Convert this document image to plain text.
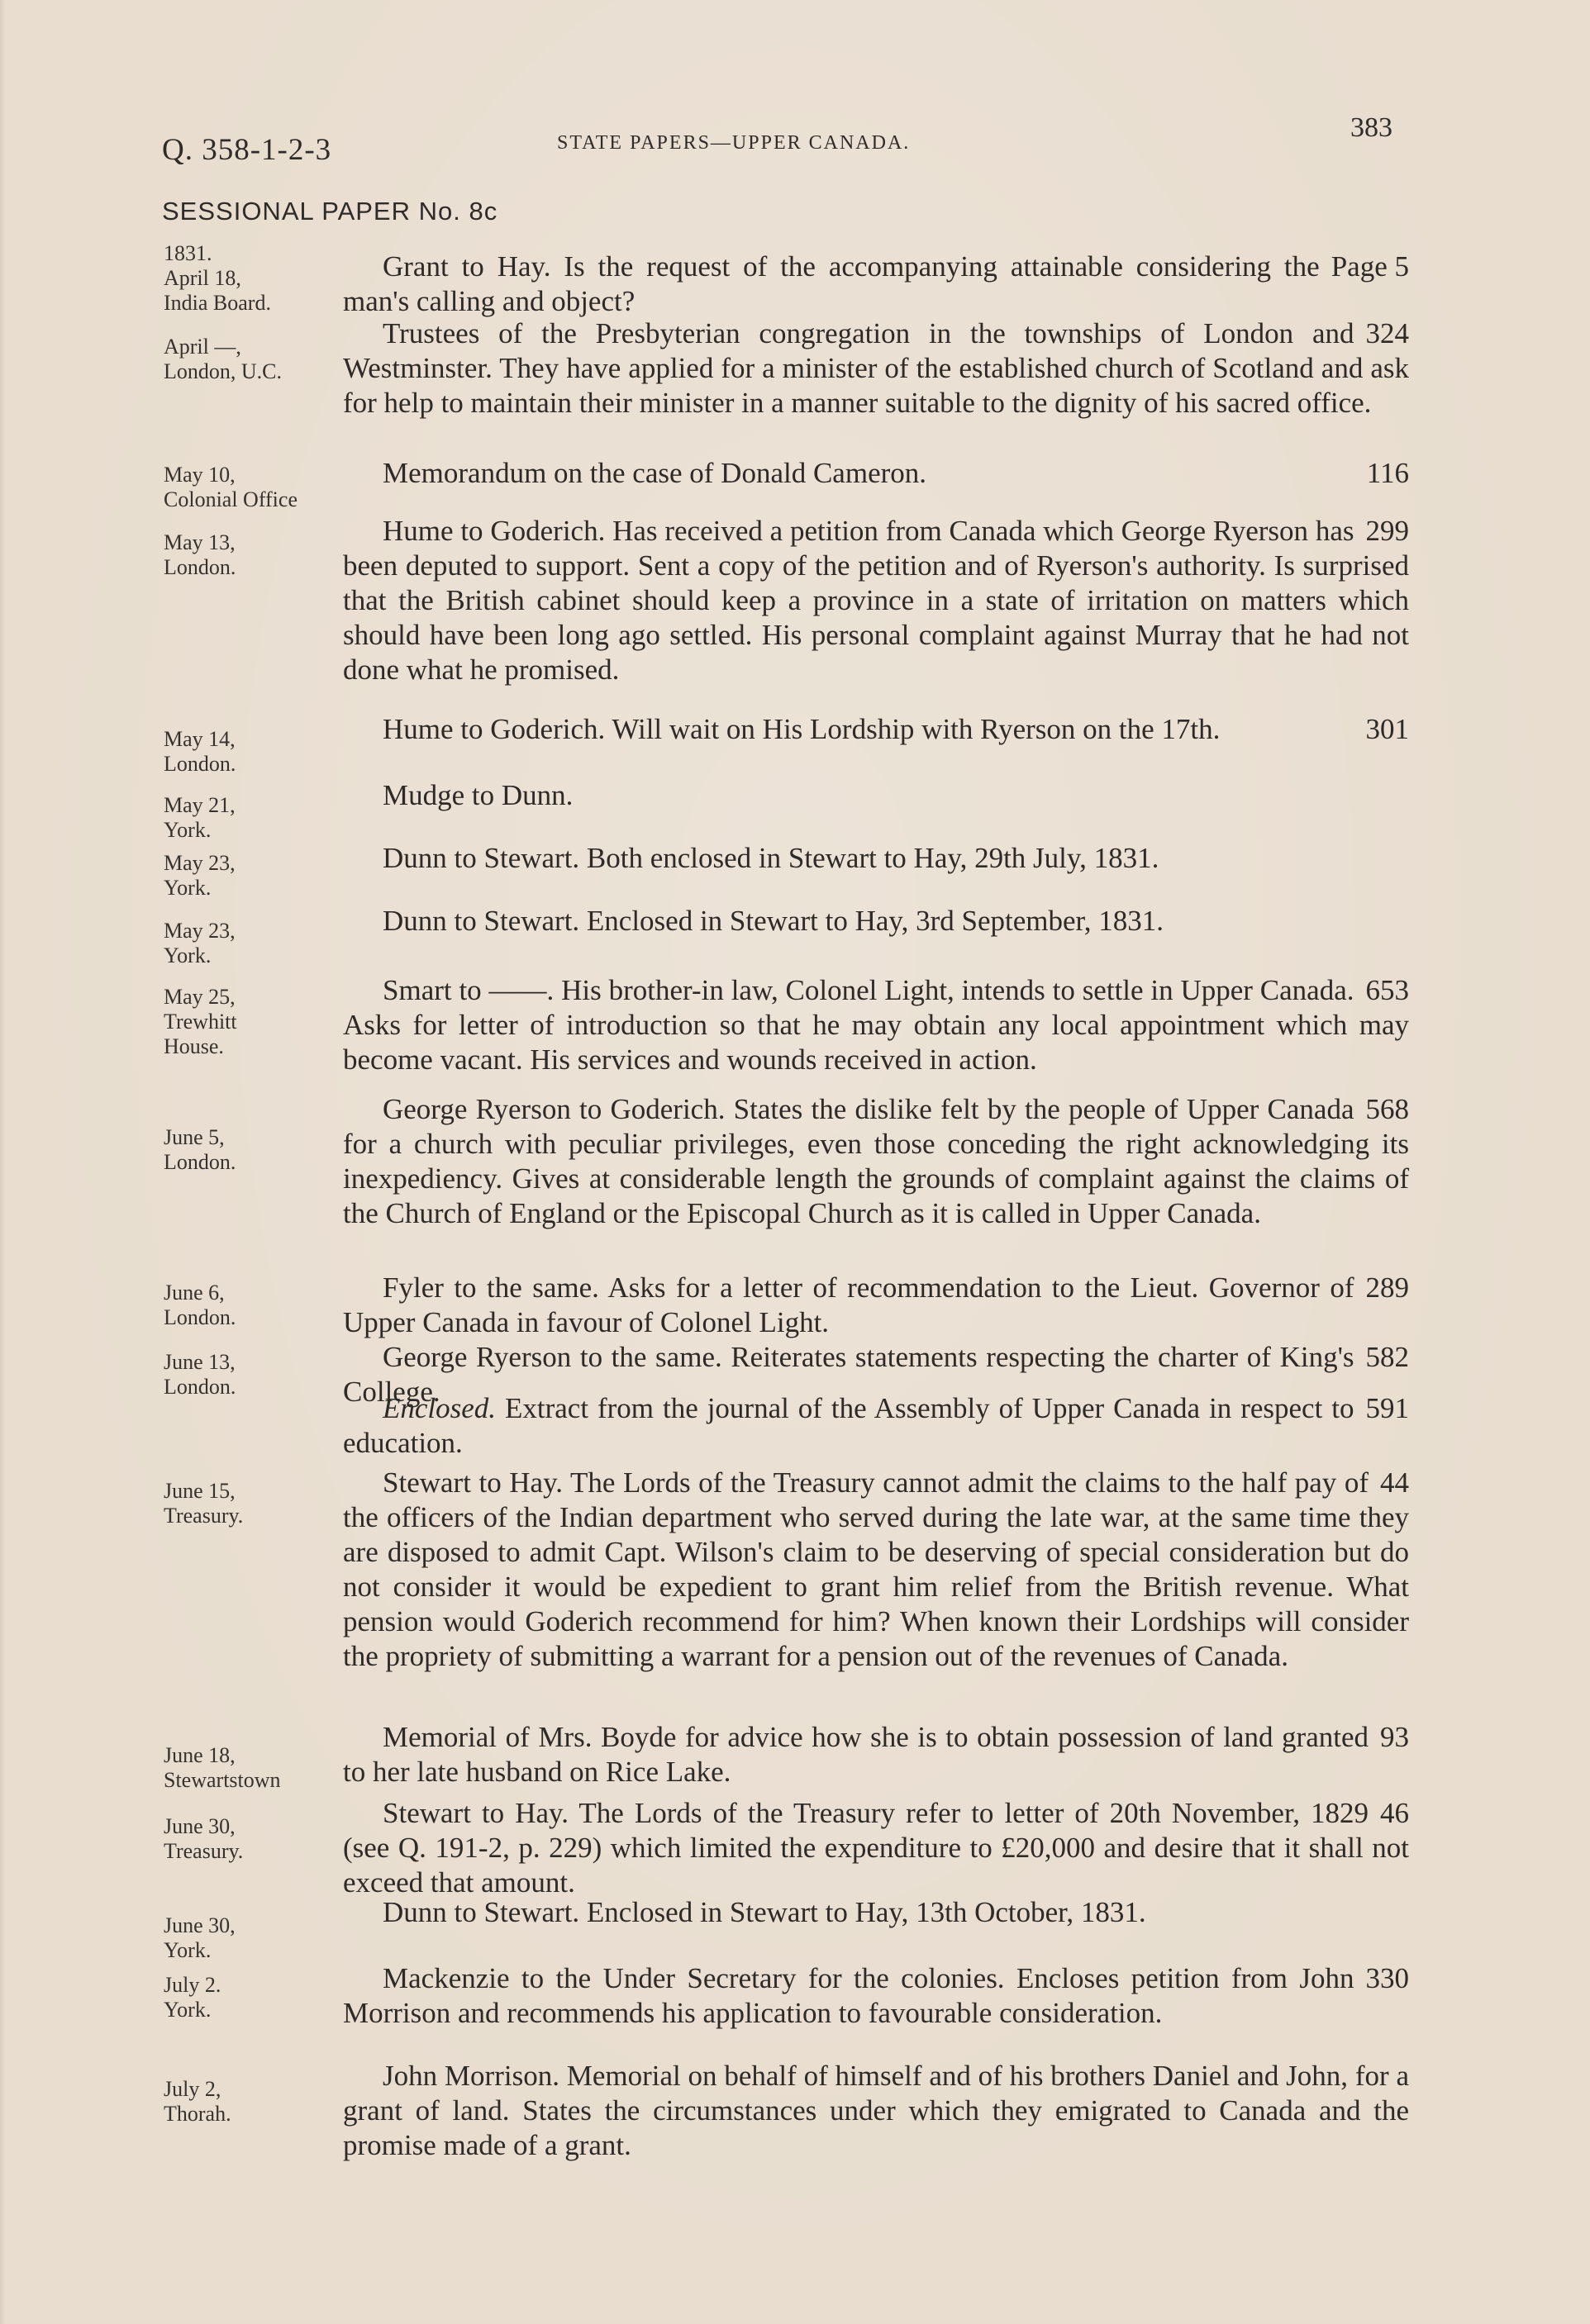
Q. 358-1-2-3	STATE PAPERS—UPPER CANADA.	383
SESSIONAL PAPER No. 8c
1831.
April 18,
India Board.
Page 5
Grant to Hay. Is the request of the accompanying attainable considering the man's calling and object?
April —,
London, U.C.
324
Trustees of the Presbyterian congregation in the townships of London and Westminster. They have applied for a minister of the established church of Scotland and ask for help to maintain their minister in a manner suitable to the dignity of his sacred office.
May 10,
Colonial Office
116
Memorandum on the case of Donald Cameron.
May 13,
London.
299
Hume to Goderich. Has received a petition from Canada which George Ryerson has been deputed to support. Sent a copy of the petition and of Ryerson's authority. Is surprised that the British cabinet should keep a province in a state of irritation on matters which should have been long ago settled. His personal complaint against Murray that he had not done what he promised.
May 14,
London.
301
Hume to Goderich. Will wait on His Lordship with Ryerson on the 17th.
May 21,
York.
Mudge to Dunn.
May 23,
York.
Dunn to Stewart. Both enclosed in Stewart to Hay, 29th July, 1831.
May 23,
York.
Dunn to Stewart. Enclosed in Stewart to Hay, 3rd September, 1831.
May 25,
Trewhitt
House.
653
Smart to ——. His brother-in law, Colonel Light, intends to settle in Upper Canada. Asks for letter of introduction so that he may obtain any local appointment which may become vacant. His services and wounds received in action.
June 5,
London.
568
George Ryerson to Goderich. States the dislike felt by the people of Upper Canada for a church with peculiar privileges, even those conceding the right acknowledging its inexpediency. Gives at considerable length the grounds of complaint against the claims of the Church of England or the Episcopal Church as it is called in Upper Canada.
June 6,
London.
289
Fyler to the same. Asks for a letter of recommendation to the Lieut. Governor of Upper Canada in favour of Colonel Light.
June 13,
London.
582
George Ryerson to the same. Reiterates statements respecting the charter of King's College.
591
Enclosed. Extract from the journal of the Assembly of Upper Canada in respect to education.
June 15,
Treasury.
44
Stewart to Hay. The Lords of the Treasury cannot admit the claims to the half pay of the officers of the Indian department who served during the late war, at the same time they are disposed to admit Capt. Wilson's claim to be deserving of special consideration but do not consider it would be expedient to grant him relief from the British revenue. What pension would Goderich recommend for him? When known their Lordships will consider the propriety of submitting a warrant for a pension out of the revenues of Canada.
June 18,
Stewartstown
93
Memorial of Mrs. Boyde for advice how she is to obtain possession of land granted to her late husband on Rice Lake.
June 30,
Treasury.
46
Stewart to Hay. The Lords of the Treasury refer to letter of 20th November, 1829 (see Q. 191-2, p. 229) which limited the expenditure to £20,000 and desire that it shall not exceed that amount.
June 30,
York.
Dunn to Stewart. Enclosed in Stewart to Hay, 13th October, 1831.
July 2.
York.
330
Mackenzie to the Under Secretary for the colonies. Encloses petition from John Morrison and recommends his application to favourable consideration.
July 2,
Thorah.
John Morrison. Memorial on behalf of himself and of his brothers Daniel and John, for a grant of land. States the circumstances under which they emigrated to Canada and the promise made of a grant.
